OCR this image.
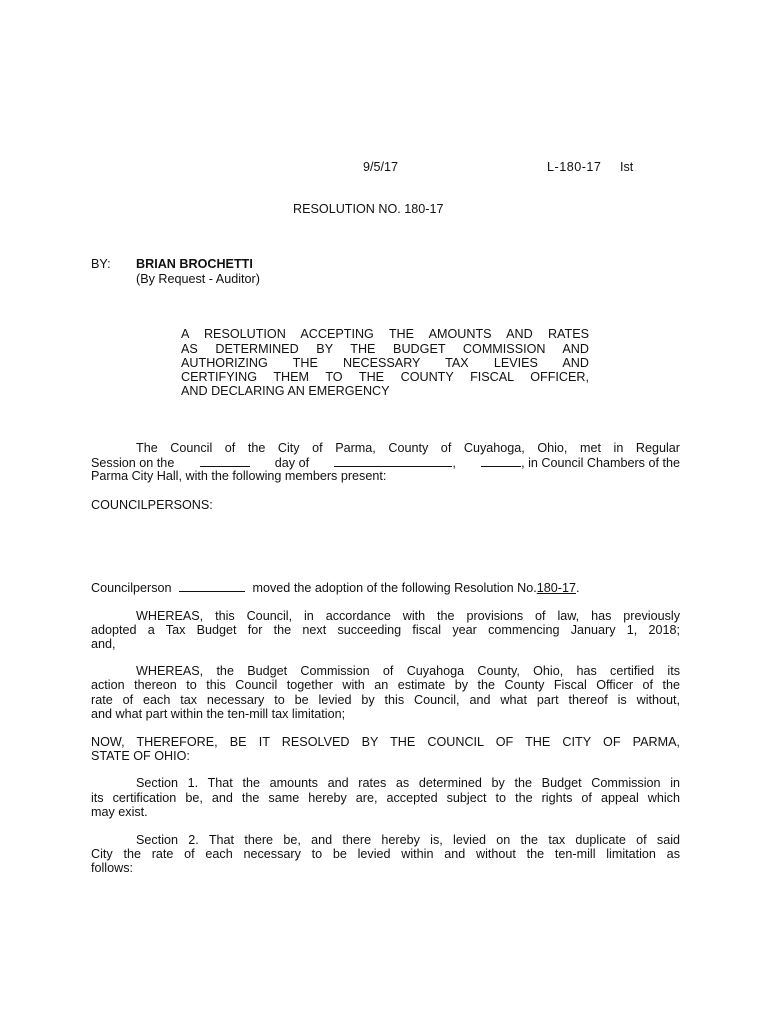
9/5/17	L-180-17 Ist
RESOLUTION NO. 180-17
BY: BRIAN BROCHETTI
(By Request - Auditor)
A RESOLUTION ACCEPTING THE AMOUNTS AND RATES
AS DETERMINED BY THE BUDGET COMMISSION AND
AUTHORIZING THE NECESSARY TAX LEVIES AND
CERTIFYING THEM TO THE COUNTY FISCAL OFFICER,
AND DECLARING AN EMERGENCY
The Council of the City of Parma, County of Cuyahoga, Ohio, met in Regular
Session on the	day of	,	, in Council Chambers of the
Parma City Hall, with the following members present:
COUNCILPERSONS:
Councilperson	moved the adoption of the following Resolution No.180-17.
WHEREAS, this Council, in accordance with the provisions of law, has previously
adopted a Tax Budget for the next succeeding fiscal year commencing January 1, 2018;
and,
WHEREAS, the Budget Commission of Cuyahoga County, Ohio, has certified its
action thereon to this Council together with an estimate by the County Fiscal Officer of the
rate of each tax necessary to be levied by this Council, and what part thereof is without,
and what part within the ten-mill tax limitation;
NOW, THEREFORE, BE IT RESOLVED BY THE COUNCIL OF THE CITY OF PARMA,
STATE OF OHIO:
Section 1. That the amounts and rates as determined by the Budget Commission in
its certification be, and the same hereby are, accepted subject to the rights of appeal which
may exist.
Section 2. That there be, and there hereby is, levied on the tax duplicate of said
City the rate of each necessary to be levied within and without the ten-mill limitation as
follows:
